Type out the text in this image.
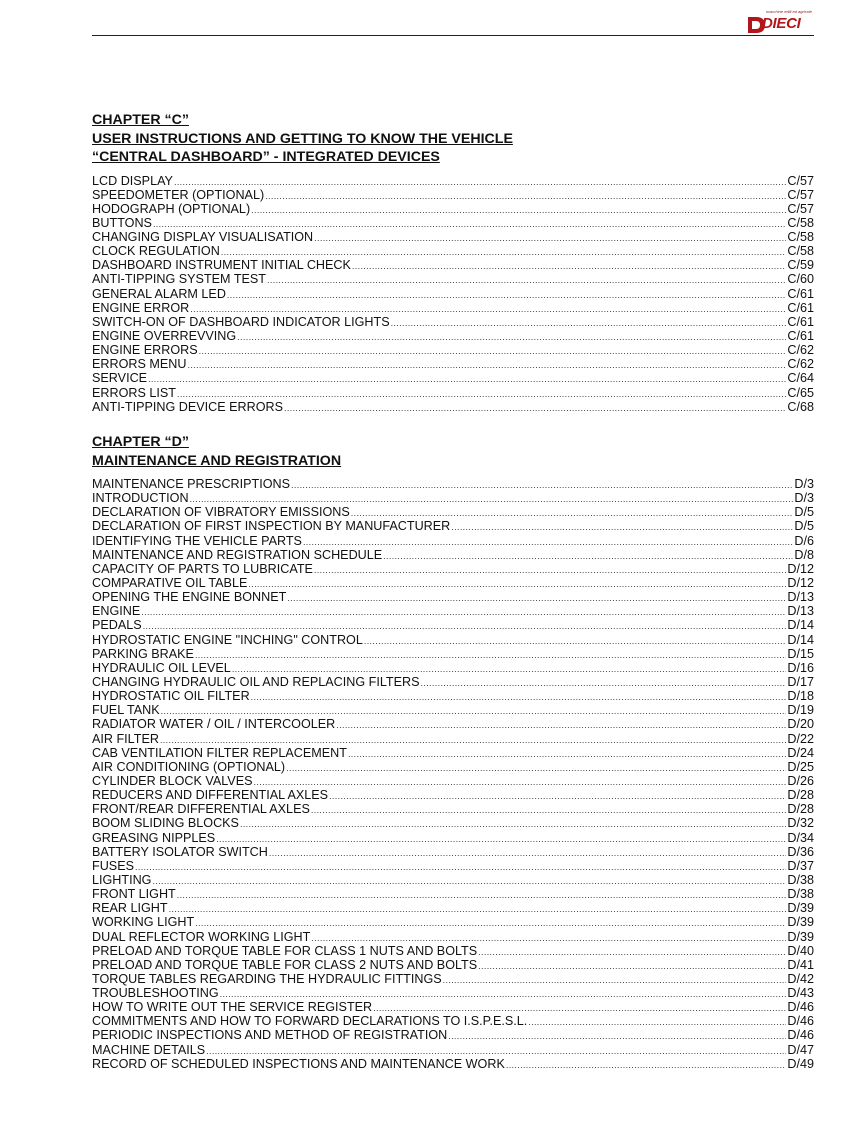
macchine edili ed agricole
DIECI
CHAPTER “C”
USER INSTRUCTIONS AND GETTING TO KNOW THE VEHICLE
“CENTRAL DASHBOARD” - INTEGRATED DEVICES
LCD DISPLAY .....	C/57
SPEEDOMETER (OPTIONAL) .....	C/57
HODOGRAPH (OPTIONAL) .....	C/57
BUTTONS .....	C/58
CHANGING DISPLAY VISUALISATION .....	C/58
CLOCK REGULATION .....	C/58
DASHBOARD INSTRUMENT INITIAL CHECK .....	C/59
ANTI-TIPPING SYSTEM TEST .....	C/60
GENERAL ALARM LED .....	C/61
ENGINE ERROR .....	C/61
SWITCH-ON OF DASHBOARD INDICATOR LIGHTS .....	C/61
ENGINE OVERREVVING .....	C/61
ENGINE ERRORS .....	C/62
ERRORS MENU .....	C/62
SERVICE .....	C/64
ERRORS LIST .....	C/65
ANTI-TIPPING DEVICE ERRORS .....	C/68
CHAPTER “D”
MAINTENANCE AND REGISTRATION
MAINTENANCE PRESCRIPTIONS .....	D/3
INTRODUCTION .....	D/3
DECLARATION OF VIBRATORY EMISSIONS .....	D/5
DECLARATION OF FIRST INSPECTION BY MANUFACTURER .....	D/5
IDENTIFYING THE VEHICLE PARTS .....	D/6
MAINTENANCE AND REGISTRATION SCHEDULE .....	D/8
CAPACITY OF PARTS TO LUBRICATE .....	D/12
COMPARATIVE OIL TABLE .....	D/12
OPENING THE ENGINE BONNET .....	D/13
ENGINE .....	D/13
PEDALS .....	D/14
HYDROSTATIC ENGINE "INCHING" CONTROL .....	D/14
PARKING BRAKE .....	D/15
HYDRAULIC OIL LEVEL .....	D/16
CHANGING HYDRAULIC OIL AND REPLACING FILTERS .....	D/17
HYDROSTATIC OIL FILTER .....	D/18
FUEL TANK .....	D/19
RADIATOR WATER / OIL / INTERCOOLER .....	D/20
AIR FILTER .....	D/22
CAB VENTILATION FILTER REPLACEMENT .....	D/24
AIR CONDITIONING (OPTIONAL) .....	D/25
CYLINDER BLOCK VALVES .....	D/26
REDUCERS AND DIFFERENTIAL AXLES .....	D/28
FRONT/REAR DIFFERENTIAL AXLES .....	D/28
BOOM SLIDING BLOCKS .....	D/32
GREASING NIPPLES .....	D/34
BATTERY ISOLATOR SWITCH .....	D/36
FUSES .....	D/37
LIGHTING .....	D/38
FRONT LIGHT .....	D/38
REAR LIGHT .....	D/39
WORKING LIGHT .....	D/39
DUAL REFLECTOR WORKING LIGHT .....	D/39
PRELOAD AND TORQUE TABLE FOR CLASS 1 NUTS AND BOLTS .....	D/40
PRELOAD AND TORQUE TABLE FOR CLASS 2 NUTS AND BOLTS .....	D/41
TORQUE TABLES REGARDING THE HYDRAULIC FITTINGS .....	D/42
TROUBLESHOOTING .....	D/43
HOW TO WRITE OUT THE SERVICE REGISTER .....	D/46
COMMITMENTS AND HOW TO FORWARD DECLARATIONS TO I.S.P.E.S.L. .....	D/46
PERIODIC INSPECTIONS AND METHOD OF REGISTRATION .....	D/46
MACHINE DETAILS .....	D/47
RECORD OF SCHEDULED INSPECTIONS AND MAINTENANCE WORK .....	D/49
